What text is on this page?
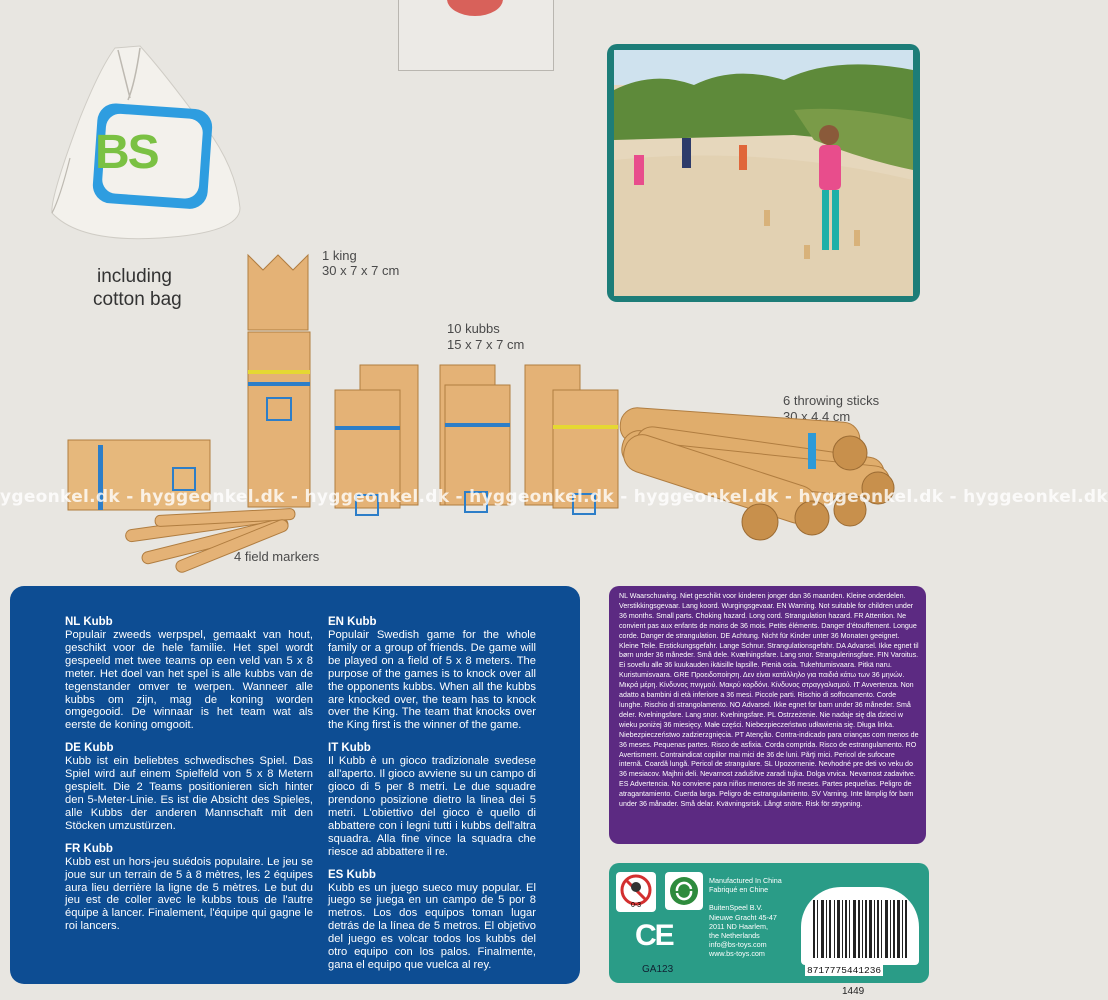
BS
including
cotton bag
1 king
30 x 7 x 7 cm
10 kubbs
15 x 7 x 7 cm
6 throwing sticks
30 x 4,4 cm
4 field markers
ygeonkel.dk - hyggeonkel.dk - hyggeonkel.dk - hyggeonkel.dk - hyggeonkel.dk - hyggeonkel.dk - hyggeonkel.dk
NL Kubb

Populair zweeds werpspel, gemaakt van hout, geschikt voor de hele familie. Het spel wordt gespeeld met twee teams op een veld van 5 x 8 meter. Het doel van het spel is alle kubbs van de tegenstander omver te werpen. Wanneer alle kubbs om zijn, mag de koning worden omgegooid. De winnaar is het team wat als eerste de koning omgooit.

DE Kubb

Kubb ist ein beliebtes schwedisches Spiel. Das Spiel wird auf einem Spielfeld von 5 x 8 Metern gespielt. Die 2 Teams positionieren sich hinter den 5-Meter-Linie. Es ist die Absicht des Spieles, alle Kubbs der anderen Mannschaft mit den Stöcken umzustürzen.

FR Kubb

Kubb est un hors-jeu suédois populaire. Le jeu se joue sur un terrain de 5 à 8 mètres, les 2 équipes aura lieu derrière la ligne de 5 mètres. Le but du jeu est de coller avec le kubbs tous de l'autre équipe à lancer. Finalement, l'équipe qui gagne le roi lancers.

EN Kubb

Populair Swedish game for the whole family or a group of friends. De game will be played on a field of 5 x 8 meters. The purpose of the games is to knock over all the opponents kubbs. When all the kubbs are knocked over, the team has to knock over the King. The team that knocks over the King first is the winner of the game.

IT Kubb

Il Kubb è un gioco tradizionale svedese all'aperto. Il gioco avviene su un campo di gioco di 5 per 8 metri. Le due squadre prendono posizione dietro la linea dei 5 metri. L'obiettivo del gioco è quello di abbattere con i legni tutti i kubbs dell'altra squadra. Alla fine vince la squadra che riesce ad abbattere il re.

ES Kubb

Kubb es un juego sueco muy popular. El juego se juega en un campo de 5 por 8 metros. Los dos equipos toman lugar detrás de la línea de 5 metros. El objetivo del juego es volcar todos los kubbs del otro equipo con los palos. Finalmente, gana el equipo que vuelca al rey.

NL Waarschuwing. Niet geschikt voor kinderen jonger dan 36 maanden. Kleine onderdelen. Verstikkingsgevaar. Lang koord. Wurgingsgevaar. EN Warning. Not suitable for children under 36 months. Small parts. Choking hazard. Long cord. Strangulation hazard. FR Attention. Ne convient pas aux enfants de moins de 36 mois. Petits éléments. Danger d'étouffement. Longue corde. Danger de strangulation. DE Achtung. Nicht für Kinder unter 36 Monaten geeignet. Kleine Teile. Erstickungsgefahr. Lange Schnur. Strangulationsgefahr. DA Advarsel. Ikke egnet til børn under 36 måneder. Små dele. Kvælningsfare. Lang snor. Strangulerinsgfare. FIN Varoitus. Ei sovellu alle 36 kuukauden ikäisille lapsille. Pieniä osia. Tukehtumisvaara. Pitkä naru. Kuristumisvaara. GRE Προειδοποίηση. Δεν είναι κατάλληλο για παιδιά κάτω των 36 μηνών. Μικρά μέρη. Κίνδυνος πνιγμού. Μακρύ κορδόνι. Κίνδυνος στραγγαλισμού. IT Avvertenza. Non adatto a bambini di età inferiore a 36 mesi. Piccole parti. Rischio di soffocamento. Corde lunghe. Rischio di strangolamento. NO Advarsel. Ikke egnet for barn under 36 måneder. Små deler. Kvelningsfare. Lang snor. Kvelningsfare. PL Ostrzeżenie. Nie nadaje się dla dzieci w wieku poniżej 36 miesięcy. Małe części. Niebezpieczeństwo udławienia się. Długa linka. Niebezpieczeństwo zadzierzgnięcia. PT Atenção. Contra-indicado para crianças com menos de 36 meses. Pequenas partes. Risco de asfixia. Corda comprida. Risco de estrangulamento. RO Avertisment. Contraindicat copiilor mai mici de 36 de luni. Părţi mici. Pericol de sufocare internă. Coardă lungă. Pericol de strangulare. SL Upozornenie. Nevhodné pre deti vo veku do 36 mesiacov. Majhni deli. Nevarnost zadušitve zaradi tujka. Dolga vrvica. Nevarnost zadavitve. ES Advertencia. No conviene para niños menores de 36 meses. Partes pequeñas. Peligro de atragantamiento. Cuerda larga. Peligro de estrangulamiento. SV Varning. Inte lämplig för barn under 36 månader. Små delar. Kvävningsrisk. Långt snöre. Risk för strypning.
0-3
CE
GA123
Manufactured In China
Fabriqué en Chine
BuitenSpeel B.V.
Nieuwe Gracht 45-47
2011 ND Haarlem,
the Netherlands
info@bs-toys.com
www.bs-toys.com
8717775441236
1449
